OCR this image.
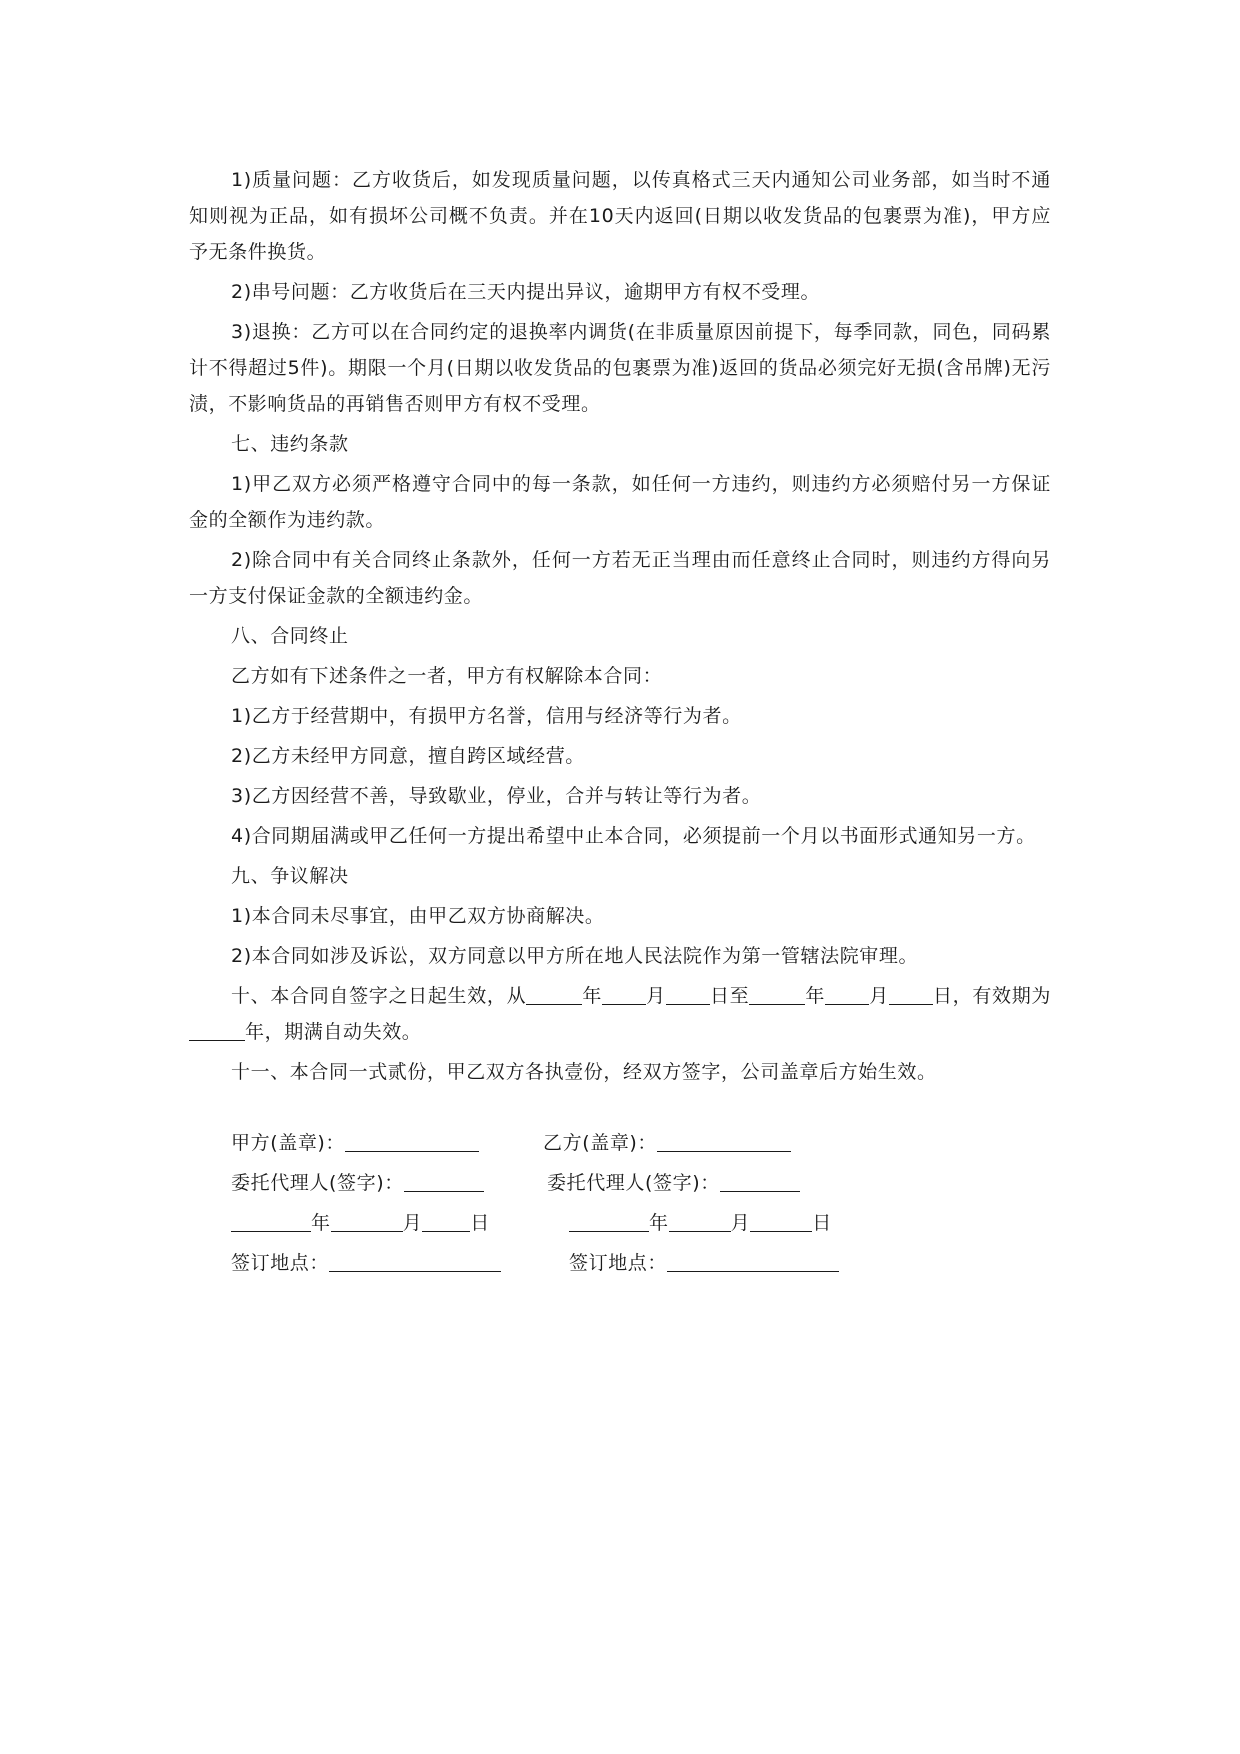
1)质量问题：乙方收货后，如发现质量问题，以传真格式三天内通知公司业务部，如当时不通知则视为正品，如有损坏公司概不负责。并在10天内返回(日期以收发货品的包裹票为准)，甲方应予无条件换货。

2)串号问题：乙方收货后在三天内提出异议，逾期甲方有权不受理。

3)退换：乙方可以在合同约定的退换率内调货(在非质量原因前提下，每季同款，同色，同码累计不得超过5件)。期限一个月(日期以收发货品的包裹票为准)返回的货品必须完好无损(含吊牌)无污渍，不影响货品的再销售否则甲方有权不受理。

七、违约条款

1)甲乙双方必须严格遵守合同中的每一条款，如任何一方违约，则违约方必须赔付另一方保证金的全额作为违约款。

2)除合同中有关合同终止条款外，任何一方若无正当理由而任意终止合同时，则违约方得向另一方支付保证金款的全额违约金。

八、合同终止

乙方如有下述条件之一者，甲方有权解除本合同：

1)乙方于经营期中，有损甲方名誉，信用与经济等行为者。

2)乙方未经甲方同意，擅自跨区域经营。

3)乙方因经营不善，导致歇业，停业，合并与转让等行为者。

4)合同期届满或甲乙任何一方提出希望中止本合同，必须提前一个月以书面形式通知另一方。

九、争议解决

1)本合同未尽事宜，由甲乙双方协商解决。

2)本合同如涉及诉讼，双方同意以甲方所在地人民法院作为第一管辖法院审理。

十、本合同自签字之日起生效，从	年 月 日至	年 月 日，有效期为年，期满自动失效。

十一、本合同一式贰份，甲乙双方各执壹份，经双方签字，公司盖章后方始生效。

甲方(盖章)：	乙方(盖章)：
委托代理人(签字)：	委托代理人(签字)：
年	月	日	年	月	日
签订地点：	签订地点：
